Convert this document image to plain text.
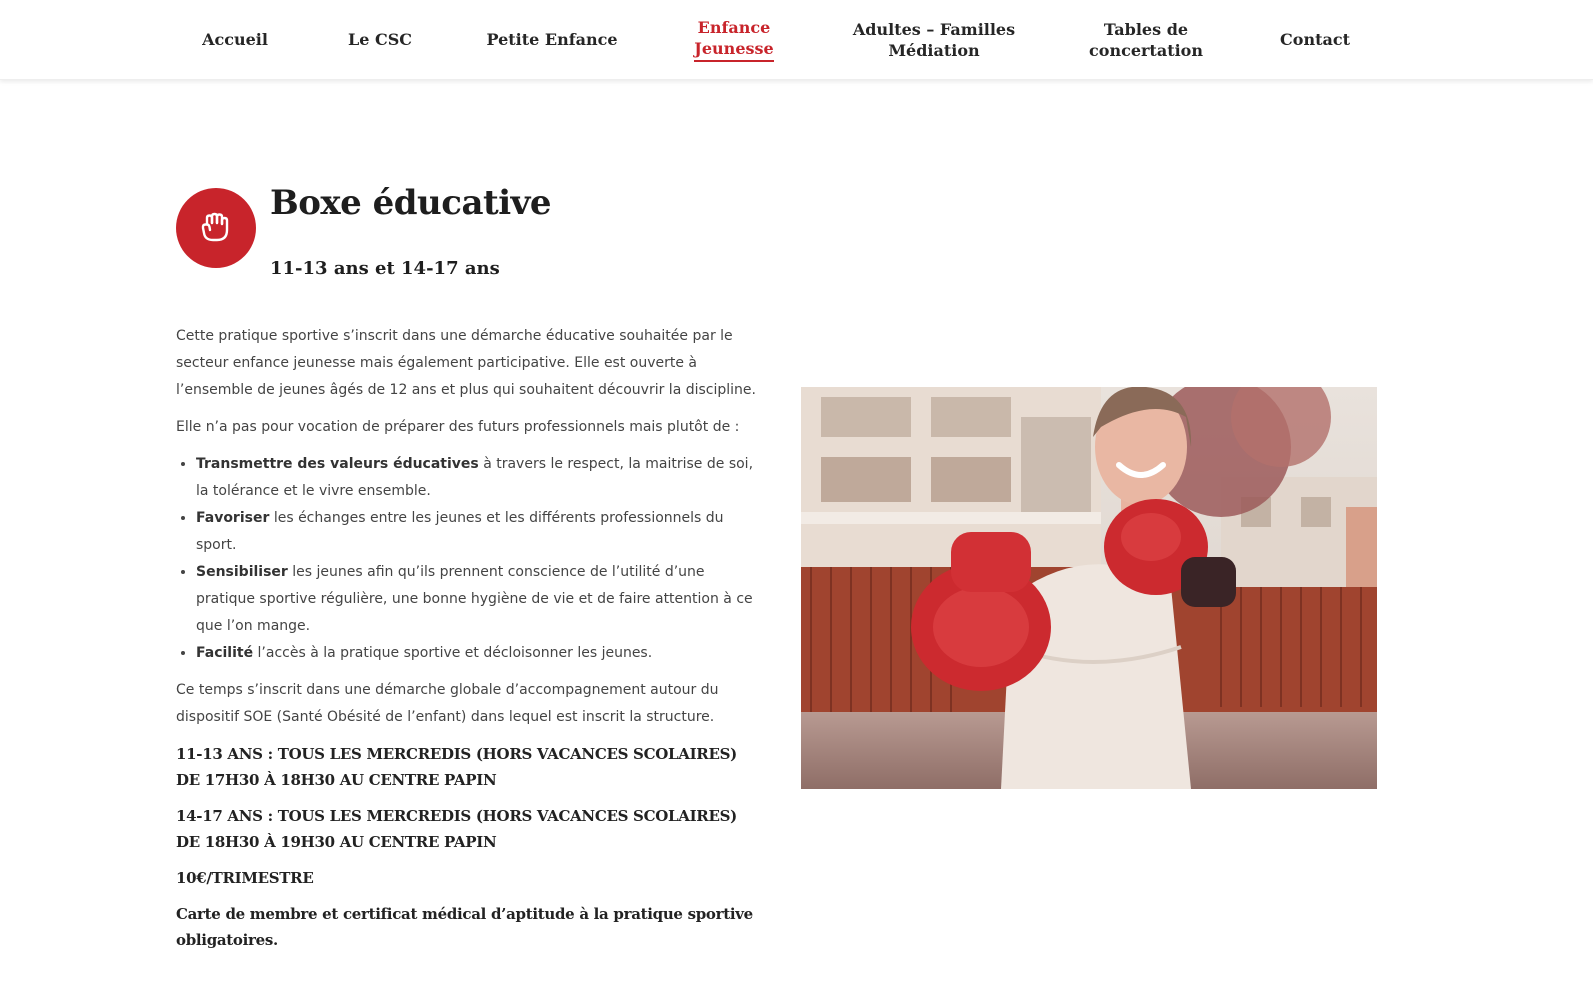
Accueil	Le CSC	Petite Enfance
Enfance
Jeunesse
Adultes – Familles
Médiation
Tables de
concertation
Contact
Boxe éducative
11-13 ans et 14-17 ans

Cette pratique sportive s’inscrit dans une démarche éducative souhaitée par le secteur enfance jeunesse mais également participative. Elle est ouverte à l’ensemble de jeunes âgés de 12 ans et plus qui souhaitent découvrir la discipline.

Elle n’a pas pour vocation de préparer des futurs professionnels mais plutôt de :

• Transmettre des valeurs éducatives à travers le respect, la maitrise de soi, la tolérance et le vivre ensemble.
• Favoriser les échanges entre les jeunes et les différents professionnels du sport.
• Sensibiliser les jeunes afin qu’ils prennent conscience de l’utilité d’une pratique sportive régulière, une bonne hygiène de vie et de faire attention à ce que l’on mange.
• Facilité l’accès à la pratique sportive et décloisonner les jeunes.

Ce temps s’inscrit dans une démarche globale d’accompagnement autour du dispositif SOE (Santé Obésité de l’enfant) dans lequel est inscrit la structure.

11-13 ANS : TOUS LES MERCREDIS (HORS VACANCES SCOLAIRES)
DE 17H30 À 18H30 AU CENTRE PAPIN
14-17 ANS : TOUS LES MERCREDIS (HORS VACANCES SCOLAIRES)
DE 18H30 À 19H30 AU CENTRE PAPIN
10€/TRIMESTRE
Carte de membre et certificat médical d’aptitude à la pratique sportive obligatoires.
